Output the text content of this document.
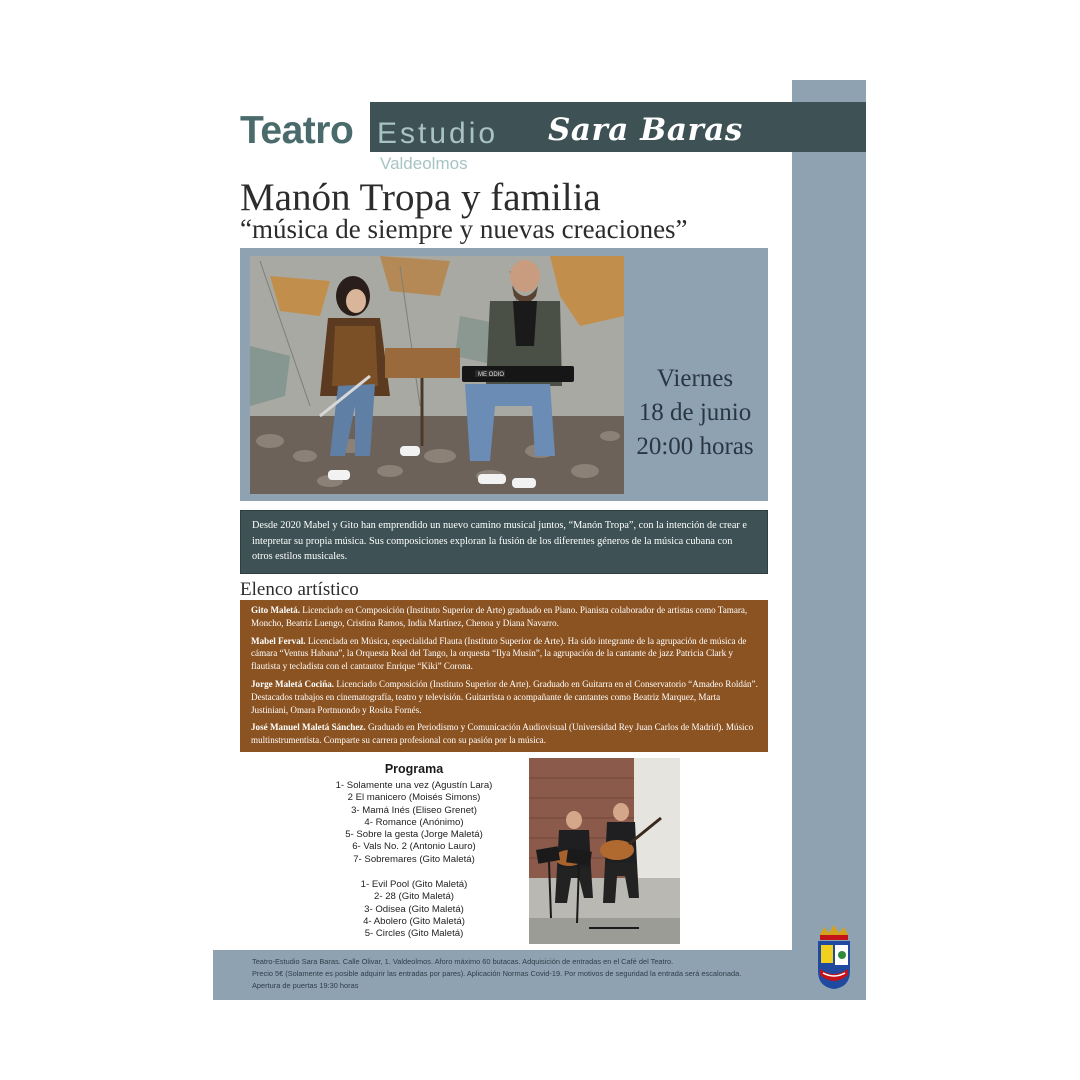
Teatro-Estudio Sara Baras. Calle Olivar, 1. Valdeolmos. Aforo máximo 60 butacas. Adquisición de entradas en el Café del Teatro.
Precio 5€ (Solamente es posible adquirir las entradas por pares). Aplicación Normas Covid-19. Por motivos de seguridad la entrada será escalonada.
Apertura de puertas 19:30 horas
Teatro Estudio Sara Baras
Valdeolmos
Manón Tropa y familia
“música de siempre y nuevas creaciones”
ME ODIO	Viernes
18 de junio
20:00 horas
Desde 2020 Mabel y Gito han emprendido un nuevo camino musical juntos, “Manón Tropa”, con la intención de crear e intepretar su propia música. Sus composiciones exploran la fusión de los diferentes géneros de la música cubana con otros estilos musicales.
Elenco artístico

Gito Maletá. Licenciado en Composición (Instituto Superior de Arte) graduado en Piano. Pianista colaborador de artistas como Tamara, Moncho, Beatriz Luengo, Cristina Ramos, India Martínez, Chenoa y Diana Navarro.

Mabel Ferval. Licenciada en Música, especialidad Flauta (Instituto Superior de Arte). Ha sido integrante de la agrupación de música de cámara “Ventus Habana”, la Orquesta Real del Tango, la orquesta “Ilya Musin”, la agrupación de la cantante de jazz Patricia Clark y flautista y tecladista con el cantautor Enrique “Kiki” Corona.

Jorge Maletá Cociña. Licenciado Composición (Instituto Superior de Arte). Graduado en Guitarra en el Conservatorio “Amadeo Roldán”. Destacados trabajos en cinematografía, teatro y televisión. Guitarrista o acompañante de cantantes como Beatriz Marquez, Marta Justiniani, Omara Portnuondo y Rosita Fornés.

José Manuel Maletá Sánchez. Graduado en Periodismo y Comunicación Audiovisual (Universidad Rey Juan Carlos de Madrid). Músico multinstrumentista. Comparte su carrera profesional con su pasión por la música.

Programa
1- Solamente una vez (Agustín Lara)
2 El manicero (Moisés Simons)
3- Mamá Inés (Eliseo Grenet)
4- Romance (Anónimo)
5- Sobre la gesta (Jorge Maletá)
6- Vals No. 2 (Antonio Lauro)
7- Sobremares (Gito Maletá)
1- Evil Pool (Gito Maletá)
2- 28 (Gito Maletá)
3- Odisea (Gito Maletá)
4- Abolero (Gito Maletá)
5- Circles (Gito Maletá)
